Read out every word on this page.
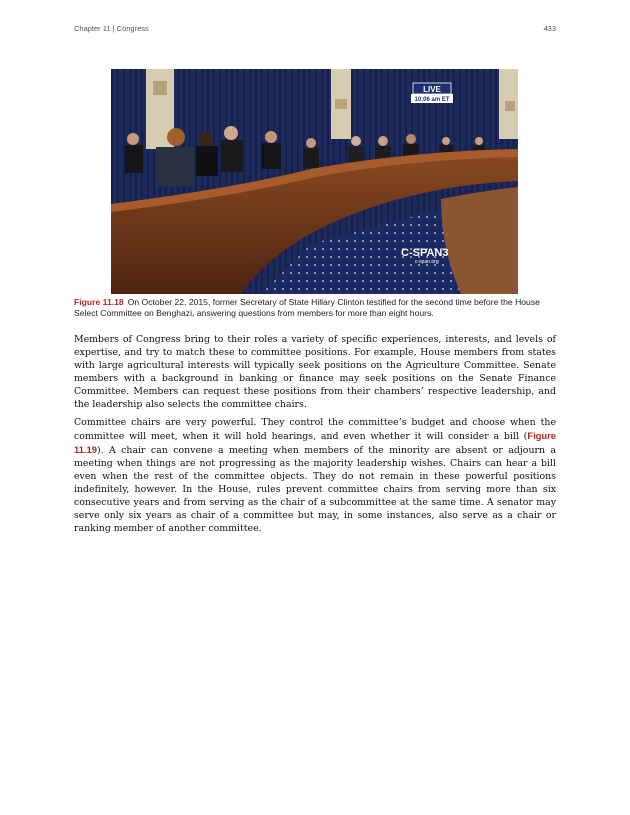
Chapter 11 | Congress	433
LIVE
10:06 am ET
C-SPAN3
c-span.org
Figure 11.18 On October 22, 2015, former Secretary of State Hillary Clinton testified for the second time before the House Select Committee on Benghazi, answering questions from members for more than eight hours.

Members of Congress bring to their roles a variety of specific experiences, interests, and levels of expertise, and try to match these to committee positions. For example, House members from states with large agricultural interests will typically seek positions on the Agriculture Committee. Senate members with a background in banking or finance may seek positions on the Senate Finance Committee. Members can request these positions from their chambers’ respective leadership, and the leadership also selects the committee chairs.

Committee chairs are very powerful. They control the committee’s budget and choose when the committee will meet, when it will hold hearings, and even whether it will consider a bill (Figure 11.19). A chair can convene a meeting when members of the minority are absent or adjourn a meeting when things are not progressing as the majority leadership wishes. Chairs can hear a bill even when the rest of the committee objects. They do not remain in these powerful positions indefinitely, however. In the House, rules prevent committee chairs from serving more than six consecutive years and from serving as the chair of a subcommittee at the same time. A senator may serve only six years as chair of a committee but may, in some instances, also serve as a chair or ranking member of another committee.
